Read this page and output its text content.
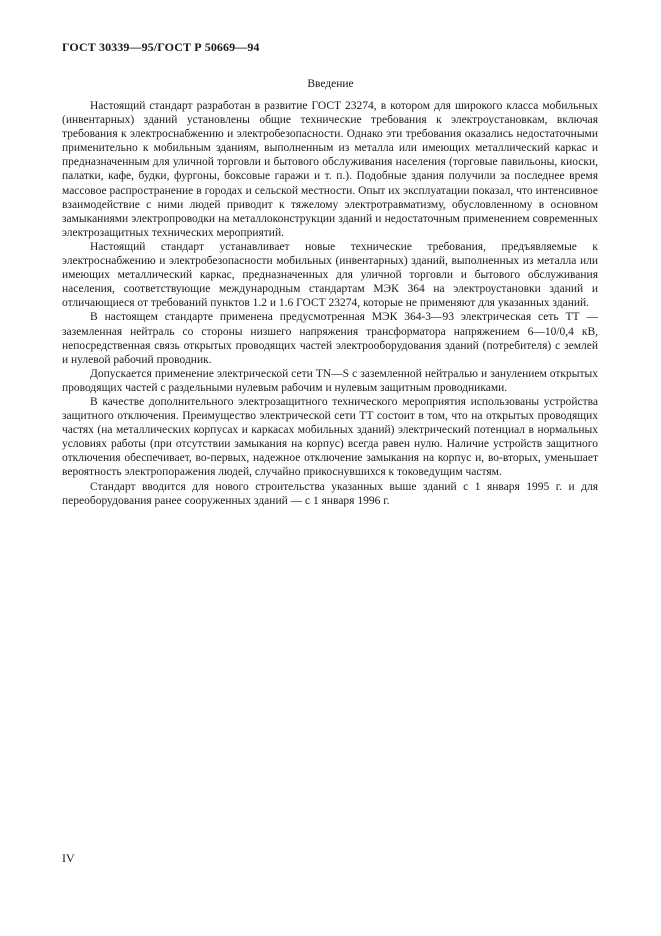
ГОСТ 30339—95/ГОСТ Р 50669—94
Введение

Настоящий стандарт разработан в развитие ГОСТ 23274, в котором для широкого класса мобильных (инвентарных) зданий установлены общие технические требования к электроустановкам, включая требования к электроснабжению и электробезопасности. Однако эти требования оказались недостаточными применительно к мобильным зданиям, выполненным из металла или имеющих металлический каркас и предназначенным для уличной торговли и бытового обслуживания населения (торговые павильоны, киоски, палатки, кафе, будки, фургоны, боксовые гаражи и т. п.). Подобные здания получили за последнее время массовое распространение в городах и сельской местности. Опыт их эксплуатации показал, что интенсивное взаимодействие с ними людей приводит к тяжелому электротравматизму, обусловленному в основном замыканиями электропроводки на металлоконструкции зданий и недостаточным применением современных электрозащитных технических мероприятий.

Настоящий стандарт устанавливает новые технические требования, предъявляемые к электроснабжению и электробезопасности мобильных (инвентарных) зданий, выполненных из металла или имеющих металлический каркас, предназначенных для уличной торговли и бытового обслуживания населения, соответствующие международным стандартам МЭК 364 на электроустановки зданий и отличающиеся от требований пунктов 1.2 и 1.6 ГОСТ 23274, которые не применяют для указанных зданий.

В настоящем стандарте применена предусмотренная МЭК 364-3—93 электрическая сеть ТТ — заземленная нейтраль со стороны низшего напряжения трансформатора напряжением 6—10/0,4 кВ, непосредственная связь открытых проводящих частей электрооборудования зданий (потребителя) с землей и нулевой рабочий проводник.

Допускается применение электрической сети TN—S с заземленной нейтралью и занулением открытых проводящих частей с раздельными нулевым рабочим и нулевым защитным проводниками.

В качестве дополнительного электрозащитного технического мероприятия использованы устройства защитного отключения. Преимущество электрической сети ТТ состоит в том, что на открытых проводящих частях (на металлических корпусах и каркасах мобильных зданий) электрический потенциал в нормальных условиях работы (при отсутствии замыкания на корпус) всегда равен нулю. Наличие устройств защитного отключения обеспечивает, во-первых, надежное отключение замыкания на корпус и, во-вторых, уменьшает вероятность электропоражения людей, случайно прикоснувшихся к токоведущим частям.

Стандарт вводится для нового строительства указанных выше зданий с 1 января 1995 г. и для переоборудования ранее сооруженных зданий — с 1 января 1996 г.

IV
